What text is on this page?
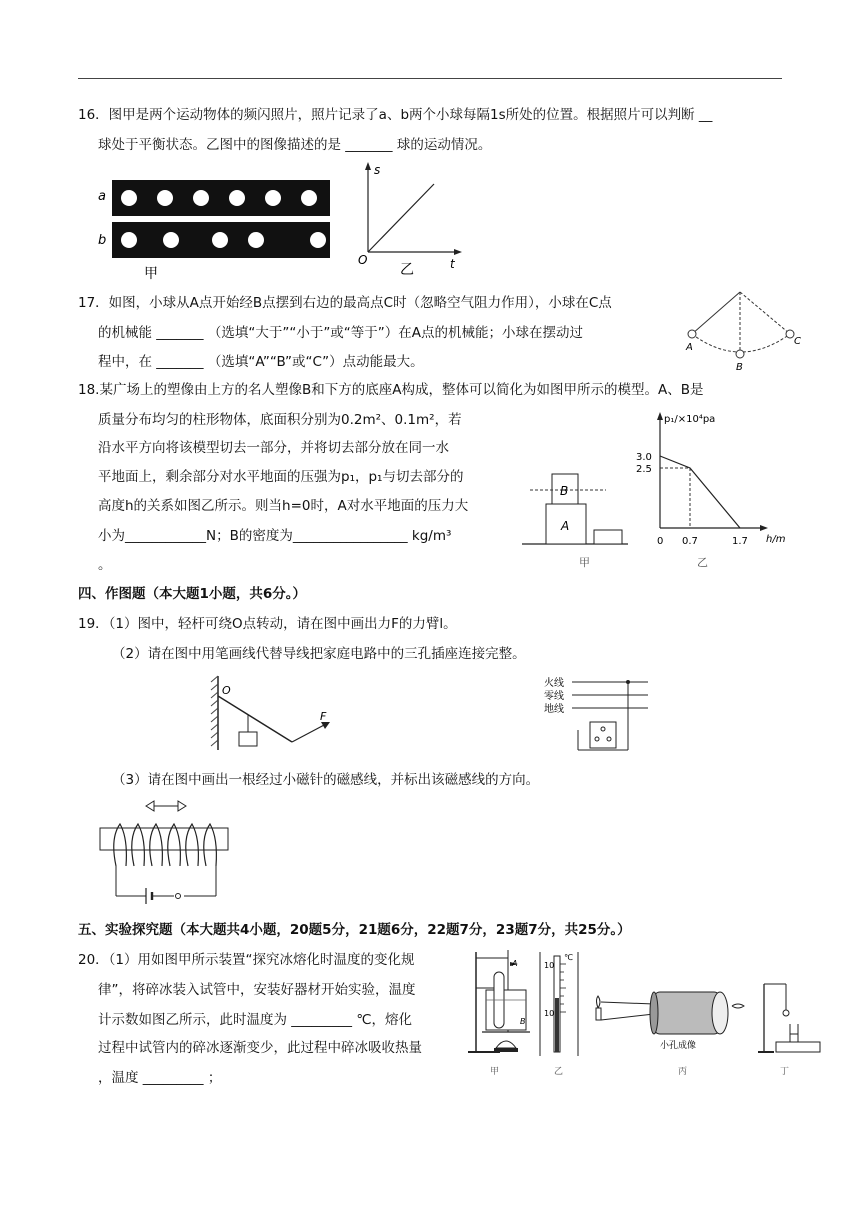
16．图甲是两个运动物体的频闪照片，照片记录了a、b两个小球每隔1s所处的位置。根据照片可以判断 __
球处于平衡状态。乙图中的图像描述的是 _______ 球的运动情况。
a
b
甲
s
t
O
乙
17．如图，小球从A点开始经B点摆到右边的最高点C时（忽略空气阻力作用），小球在C点
的机械能 _______ （选填“大于”“小于”或“等于”）在A点的机械能；小球在摆动过
程中，在 _______ （选填“A”“B”或“C”）点动能最大。
A
B
C
18.某广场上的塑像由上方的名人塑像B和下方的底座A构成，整体可以简化为如图甲所示的模型。A、B是
质量分布均匀的柱形物体，底面积分别为0.2m²、0.1m²，若
沿水平方向将该模型切去一部分，并将切去部分放在同一水
平地面上，剩余部分对水平地面的压强为p₁，p₁与切去部分的
高度h的关系如图乙所示。则当h=0时，A对水平地面的压力大
小为____________N；B的密度为_________________ kg/m³
。
B
A
甲
p₁/×10⁴pa
h/m
3.0
2.5
0 0.7	1.7
乙
四、作图题（本大题1小题，共6分。）
19．（1）图中，轻杆可绕O点转动，请在图中画出力F的力臂l。
（2）请在图中用笔画线代替导线把家庭电路中的三孔插座连接完整。
O
F
火线
零线
地线
（3）请在图中画出一根经过小磁针的磁感线，并标出该磁感线的方向。
五、实验探究题（本大题共4小题，20题5分，21题6分，22题7分，23题7分，共25分。）
20．（1）用如图甲所示装置“探究冰熔化时温度的变化规
律”，将碎冰装入试管中，安装好器材开始实验，温度
计示数如图乙所示，此时温度为 _________ ℃，熔化
过程中试管内的碎冰逐渐变少，此过程中碎冰吸收热量
，温度 _________ ；
A
B
甲
10
℃
10
乙
小孔成像
丙	丁
